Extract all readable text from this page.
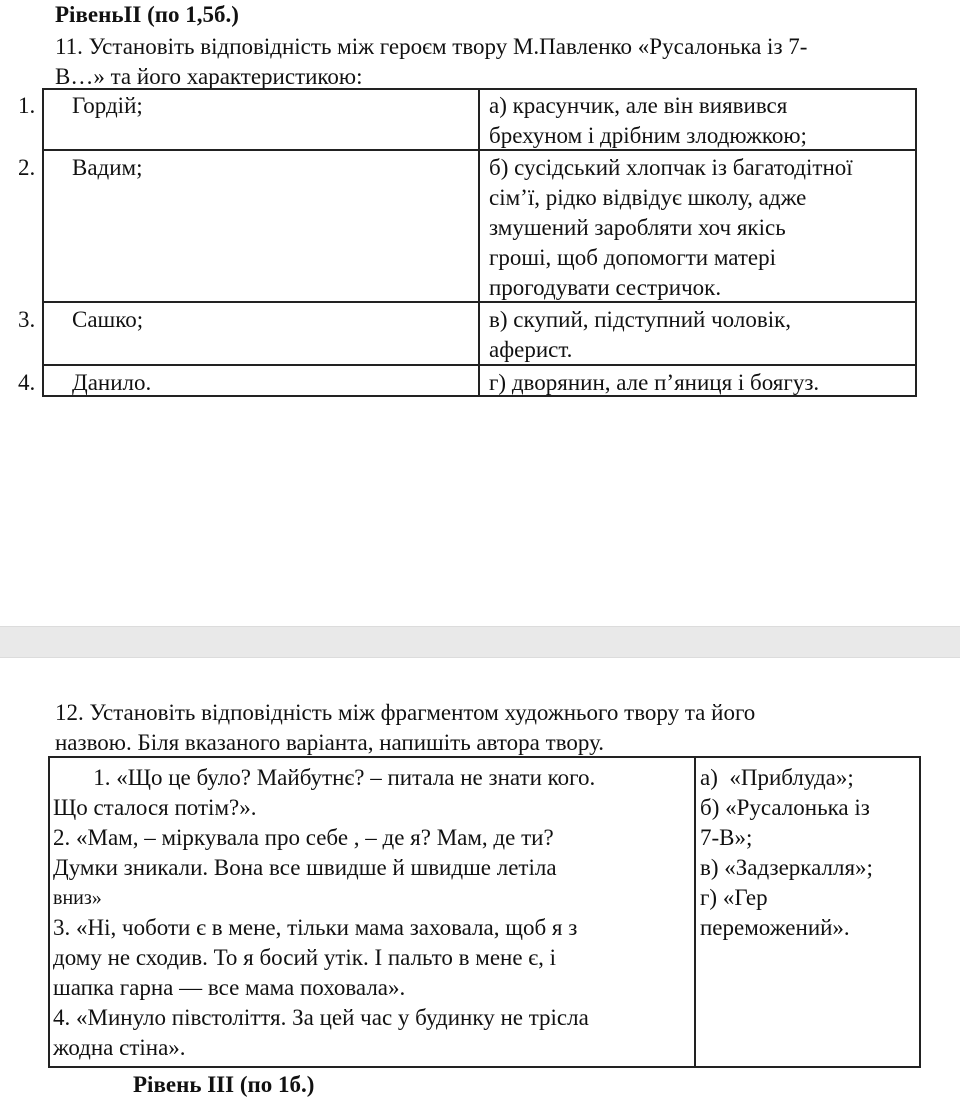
РівеньІІ (по 1,5б.)
11. Установіть відповідність між героєм твору М.Павленко «Русалонька із 7-
В…» та його характеристикою:
1. Гордій;	а) красунчик, але він виявився
брехуном і дрібним злодюжкою;
2. Вадим;	б) сусідський хлопчак із багатодітної
сім’ї, рідко відвідує школу, адже
змушений заробляти хоч якісь
гроші, щоб допомогти матері
прогодувати сестричок.
3. Сашко;	в) скупий, підступний чоловік,
аферист.
4. Данило.	г) дворянин, але п’яниця і боягуз.
12. Установіть відповідність між фрагментом художнього твору та його
назвою. Біля вказаного варіанта, напишіть автора твору.
1. «Що це було? Майбутнє? – питала не знати кого.
Що сталося потім?».
2. «Мам, – міркувала про себе , – де я? Мам, де ти?
Думки зникали. Вона все швидше й швидше летіла
вниз»
3. «Ні, чоботи є в мене, тільки мама заховала, щоб я з
дому не сходив. То я босий утік. І пальто в мене є, і
шапка гарна — все мама поховала».
4. «Минуло півстоліття. За цей час у будинку не трісла
жодна стіна».
а)  «Приблуда»;
б) «Русалонька із
7-В»;
в) «Задзеркалля»;
г) «Гер
переможений».
Рівень ІІІ (по 1б.)
